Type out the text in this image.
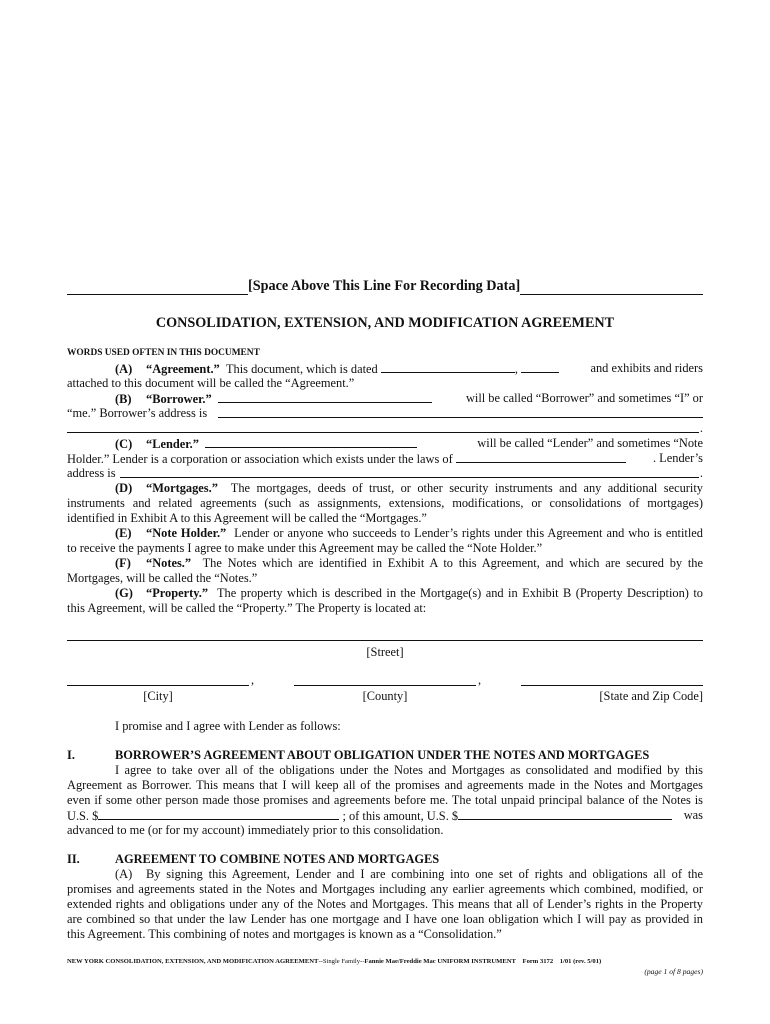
[Space Above This Line For Recording Data]
CONSOLIDATION, EXTENSION, AND MODIFICATION AGREEMENT
WORDS USED OFTEN IN THIS DOCUMENT
(A) “Agreement.” This document, which is dated	,	and exhibits and riders
attached to this document will be called the “Agreement.”
(B) “Borrower.”	will be called “Borrower” and sometimes “I” or
“me.” Borrower’s address is
.
(C) “Lender.”	will be called “Lender” and sometimes “Note
Holder.” Lender is a corporation or association which exists under the laws of	. Lender’s
address is	.
(D) “Mortgages.” The mortgages, deeds of trust, or other security instruments and any additional security
instruments and related agreements (such as assignments, extensions, modifications, or consolidations of mortgages)
identified in Exhibit A to this Agreement will be called the “Mortgages.”
(E) “Note Holder.” Lender or anyone who succeeds to Lender’s rights under this Agreement and who is entitled
to receive the payments I agree to make under this Agreement may be called the “Note Holder.”
(F) “Notes.” The Notes which are identified in Exhibit A to this Agreement, and which are secured by the
Mortgages, will be called the “Notes.”
(G) “Property.” The property which is described in the Mortgage(s) and in Exhibit B (Property Description) to
this Agreement, will be called the “Property.” The Property is located at:
[Street]
,	,
[City]	[County]	[State and Zip Code]
I promise and I agree with Lender as follows:
I.	BORROWER’S AGREEMENT ABOUT OBLIGATION UNDER THE NOTES AND MORTGAGES
I agree to take over all of the obligations under the Notes and Mortgages as consolidated and modified by this
Agreement as Borrower. This means that I will keep all of the promises and agreements made in the Notes and Mortgages
even if some other person made those promises and agreements before me. The total unpaid principal balance of the Notes is
U.S. $	; of this amount, U.S. $	was
advanced to me (or for my account) immediately prior to this consolidation.
II.	AGREEMENT TO COMBINE NOTES AND MORTGAGES
(A) By signing this Agreement, Lender and I are combining into one set of rights and obligations all of the
promises and agreements stated in the Notes and Mortgages including any earlier agreements which combined, modified, or
extended rights and obligations under any of the Notes and Mortgages. This means that all of Lender’s rights in the Property
are combined so that under the law Lender has one mortgage and I have one loan obligation which I will pay as provided in
this Agreement. This combining of notes and mortgages is known as a “Consolidation.”
NEW YORK CONSOLIDATION, EXTENSION, AND MODIFICATION AGREEMENT--Single Family--Fannie Mae/Freddie Mac UNIFORM INSTRUMENT Form 3172 1/01 (rev. 5/01)
(page 1 of 8 pages)
